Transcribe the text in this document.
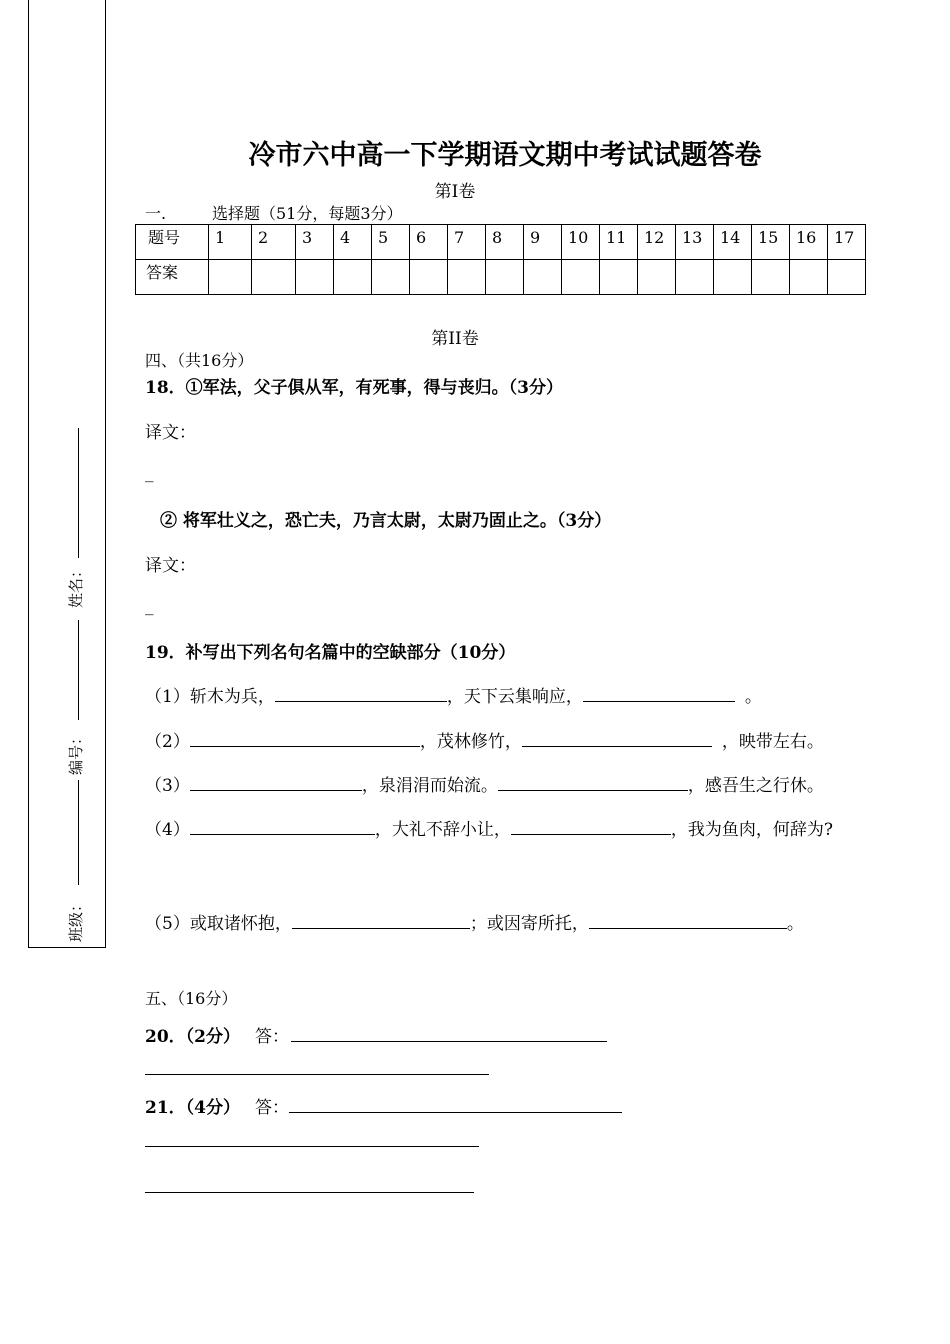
姓名：
编号：
班级：
冷市六中高一下学期语文期中考试试题答卷
第Ⅰ卷
一.	选择题（51分，每题3分）
题号	1	2	3	4	5	6	7	8	9	10	11	12	13	14	15	16	17
答案																	
第II卷
四、（共16分）
18．①军法，父子俱从军，有死事，得与丧归。（3分）
译文：
_
② 将军壮义之，恐亡夫，乃言太尉，太尉乃固止之。（3分）
译文：
_
19．补写出下列名句名篇中的空缺部分（10分）
（1）斩木为兵，	，天下云集响应，	。
（2）	，茂林修竹，	，映带左右。
（3）	，泉涓涓而始流。	，感吾生之行休。
（4）	，大礼不辞小让，	，我为鱼肉，何辞为?
（5）或取诸怀抱，	；或因寄所托，	。
五、（16分）
20．（2分） 答：
21．（4分） 答：
